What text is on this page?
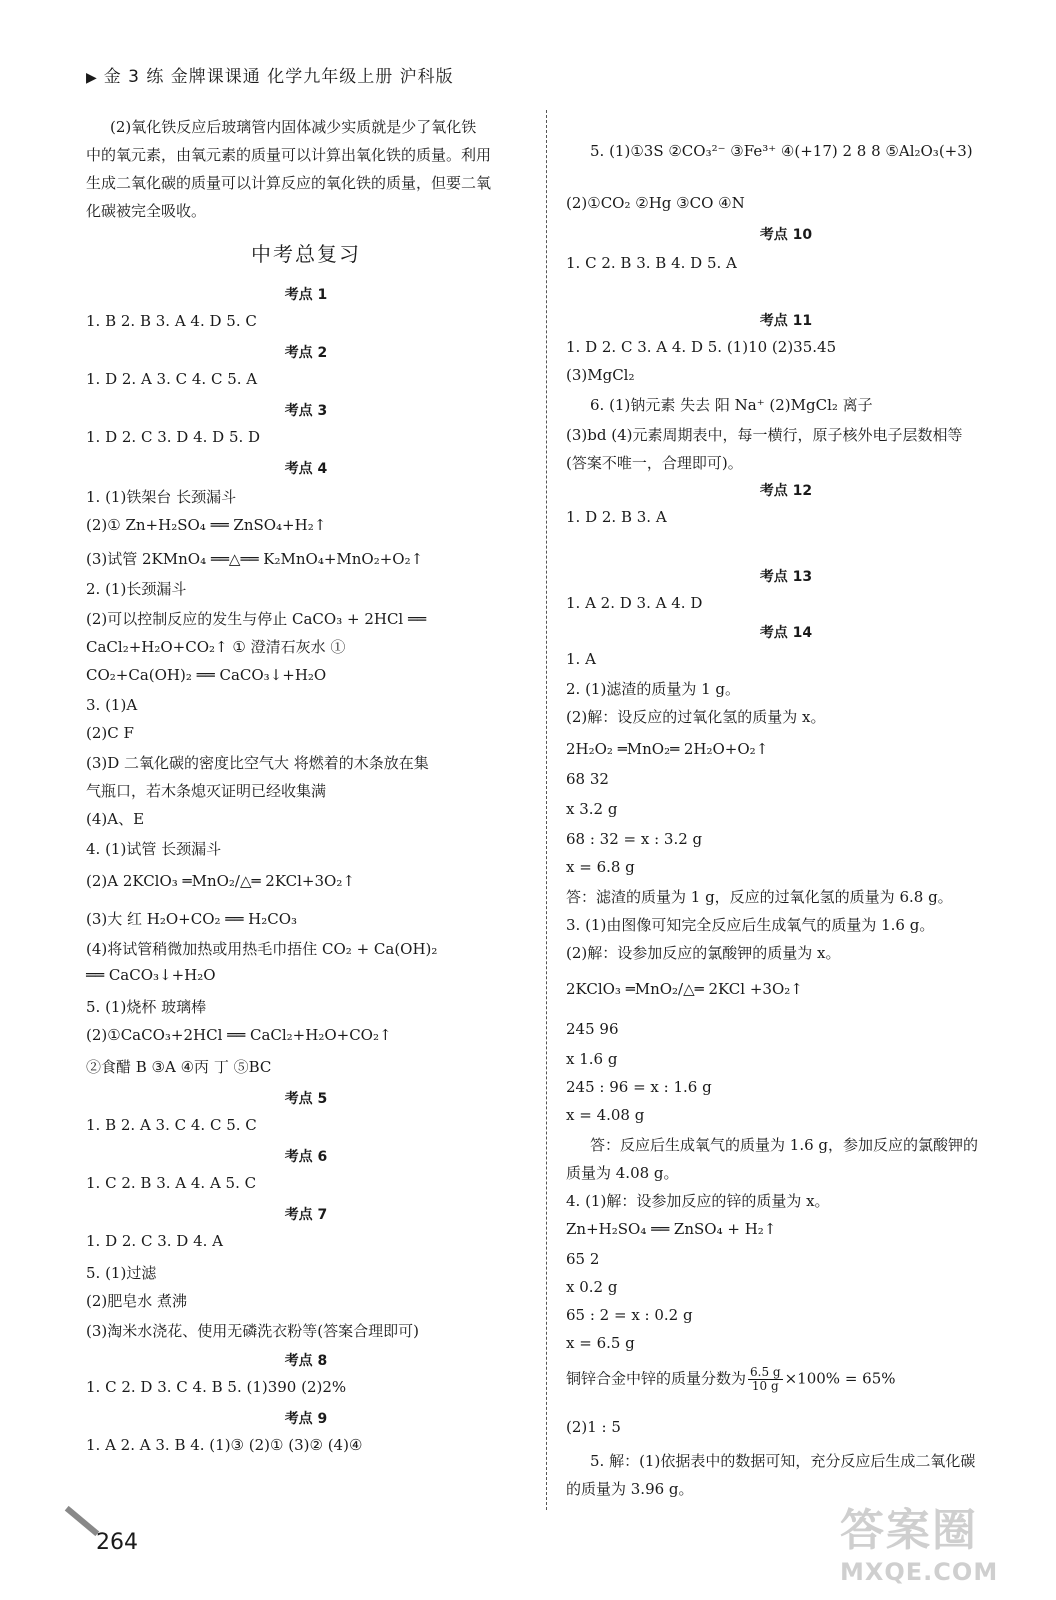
▶ 金 3 练 金牌课课通 化学九年级上册 沪科版
(2)氧化铁反应后玻璃管内固体减少实质就是少了氧化铁
中的氧元素，由氧元素的质量可以计算出氧化铁的质量。利用
生成二氧化碳的质量可以计算反应的氧化铁的质量，但要二氧
化碳被完全吸收。
中考总复习
考点 1
1. B 2. B 3. A 4. D 5. C
考点 2
1. D 2. A 3. C 4. C 5. A
考点 3
1. D 2. C 3. D 4. D 5. D
考点 4
1. (1)铁架台 长颈漏斗
(2)① Zn+H₂SO₄ ══ ZnSO₄+H₂↑
(3)试管 2KMnO₄ ══△══ K₂MnO₄+MnO₂+O₂↑
2. (1)长颈漏斗
(2)可以控制反应的发生与停止 CaCO₃ + 2HCl ══
CaCl₂+H₂O+CO₂↑ ① 澄清石灰水 ①
CO₂+Ca(OH)₂ ══ CaCO₃↓+H₂O
3. (1)A
(2)C F
(3)D 二氧化碳的密度比空气大 将燃着的木条放在集
气瓶口，若木条熄灭证明已经收集满
(4)A、E
4. (1)试管 长颈漏斗
(2)A 2KClO₃ ═MnO₂/△═ 2KCl+3O₂↑
(3)大 红 H₂O+CO₂ ══ H₂CO₃
(4)将试管稍微加热或用热毛巾捂住 CO₂ + Ca(OH)₂
══ CaCO₃↓+H₂O
5. (1)烧杯 玻璃棒
(2)①CaCO₃+2HCl ══ CaCl₂+H₂O+CO₂↑
②食醋 B ③A ④丙 丁 ⑤BC
考点 5
1. B 2. A 3. C 4. C 5. C
考点 6
1. C 2. B 3. A 4. A 5. C
考点 7
1. D 2. C 3. D 4. A
5. (1)过滤
(2)肥皂水 煮沸
(3)淘米水浇花、使用无磷洗衣粉等(答案合理即可)
考点 8
1. C 2. D 3. C 4. B 5. (1)390 (2)2%
考点 9
1. A 2. A 3. B 4. (1)③ (2)① (3)② (4)④
264
5. (1)①3S ②CO₃²⁻ ③Fe³⁺ ④(+17) 2 8 8 ⑤Al₂O₃(+3)
(2)①CO₂ ②Hg ③CO ④N
考点 10
1. C 2. B 3. B 4. D 5. A
考点 11
1. D 2. C 3. A 4. D 5. (1)10 (2)35.45
(3)MgCl₂
6. (1)钠元素 失去 阳 Na⁺ (2)MgCl₂ 离子
(3)bd (4)元素周期表中，每一横行，原子核外电子层数相等
(答案不唯一，合理即可)。
考点 12
1. D 2. B 3. A
考点 13
1. A 2. D 3. A 4. D
考点 14
1. A
2. (1)滤渣的质量为 1 g。
(2)解：设反应的过氧化氢的质量为 x。
2H₂O₂ ═MnO₂═ 2H₂O+O₂↑
68 32
x 3.2 g
68 : 32 = x : 3.2 g
x = 6.8 g
答：滤渣的质量为 1 g，反应的过氧化氢的质量为 6.8 g。
3. (1)由图像可知完全反应后生成氧气的质量为 1.6 g。
(2)解：设参加反应的氯酸钾的质量为 x。
2KClO₃ ═MnO₂/△═ 2KCl +3O₂↑
245 96
x 1.6 g
245 : 96 = x : 1.6 g
x = 4.08 g
答：反应后生成氧气的质量为 1.6 g，参加反应的氯酸钾的
质量为 4.08 g。
4. (1)解：设参加反应的锌的质量为 x。
Zn+H₂SO₄ ══ ZnSO₄ + H₂↑
65 2
x 0.2 g
65 : 2 = x : 0.2 g
x = 6.5 g
铜锌合金中锌的质量分数为 $\frac{6.5 g}{10 g} \times 100\% = 65\%$
(2)1 : 5
5. 解：(1)依据表中的数据可知，充分反应后生成二氧化碳
的质量为 3.96 g。
答案圈
MXQE.COM
